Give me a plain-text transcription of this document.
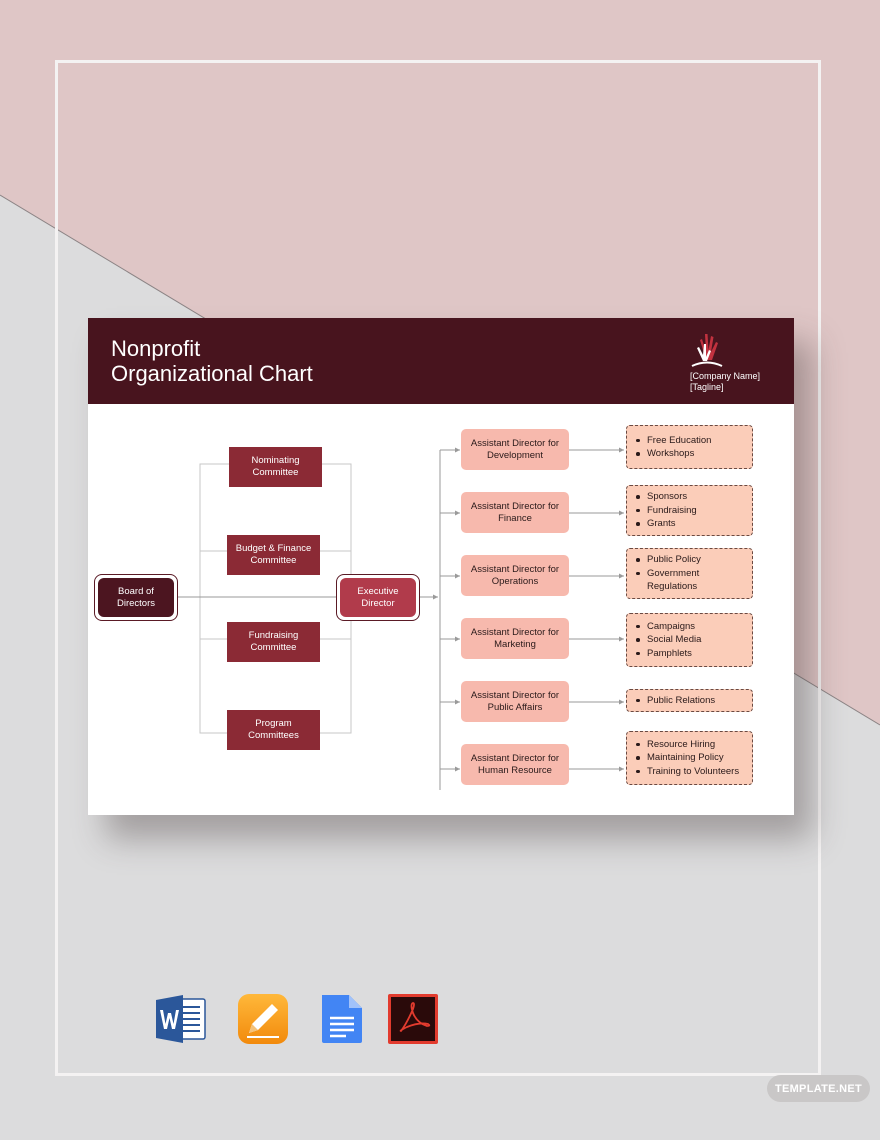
Nonprofit
Organizational Chart	[Company Name]
[Tagline]
Board of Directors
Nominating Committee
Budget & Finance Committee
Fundraising Committee
Program Committees
Executive Director
Assistant Director for Development
Assistant Director for Finance
Assistant Director for Operations
Assistant Director for Marketing
Assistant Director for Public Affairs
Assistant Director for Human Resource
Free Education
Workshops
Sponsors
Fundraising
Grants
Public Policy
Government Regulations
Campaigns
Social Media
Pamphlets
Public Relations
Resource Hiring
Maintaining Policy
Training to Volunteers
TEMPLATE.NET
